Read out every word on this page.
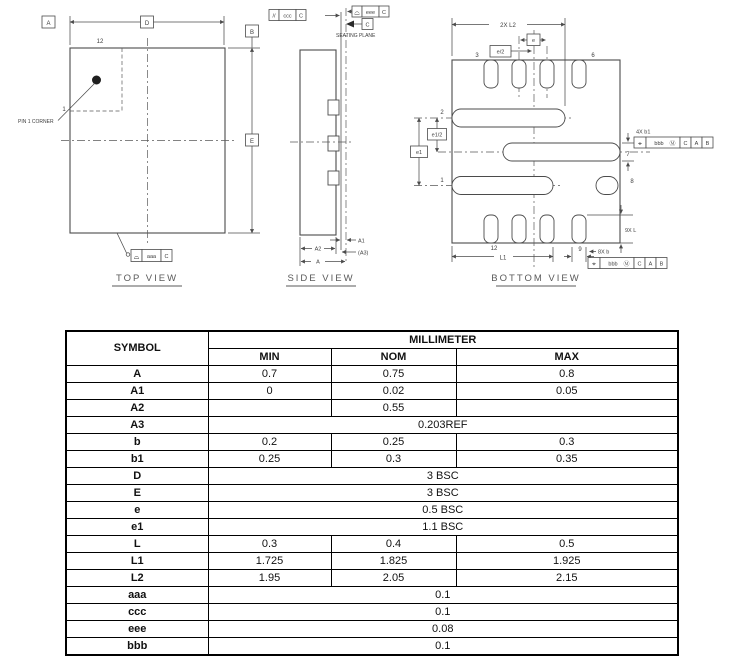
PIN 1 CORNER
12
1
D
A
B
E
⌓ aaa C
TOP VIEW
// ccc C	⌓ eee C
C
SEATING PLANE
A1
(A3)
A2
A
SIDE VIEW
2X L2
e/2
e
e1/2
e1
4X b1
⌖ bbb Ⓜ C A B
9X L
L1
8X b
⌖ bbb Ⓜ C A B
3	6
2
1
7
8
12	9
BOTTOM VIEW
SYMBOL	MILLIMETER		
	MIN	NOM	MAX
A	0.7	0.75	0.8
A1	0	0.02	0.05
A2		0.55	
A3	0.203REF		
b	0.2	0.25	0.3
b1	0.25	0.3	0.35
D	3 BSC		
E	3 BSC		
e	0.5 BSC		
e1	1.1 BSC		
L	0.3	0.4	0.5
L1	1.725	1.825	1.925
L2	1.95	2.05	2.15
aaa	0.1		
ccc	0.1		
eee	0.08		
bbb	0.1		
